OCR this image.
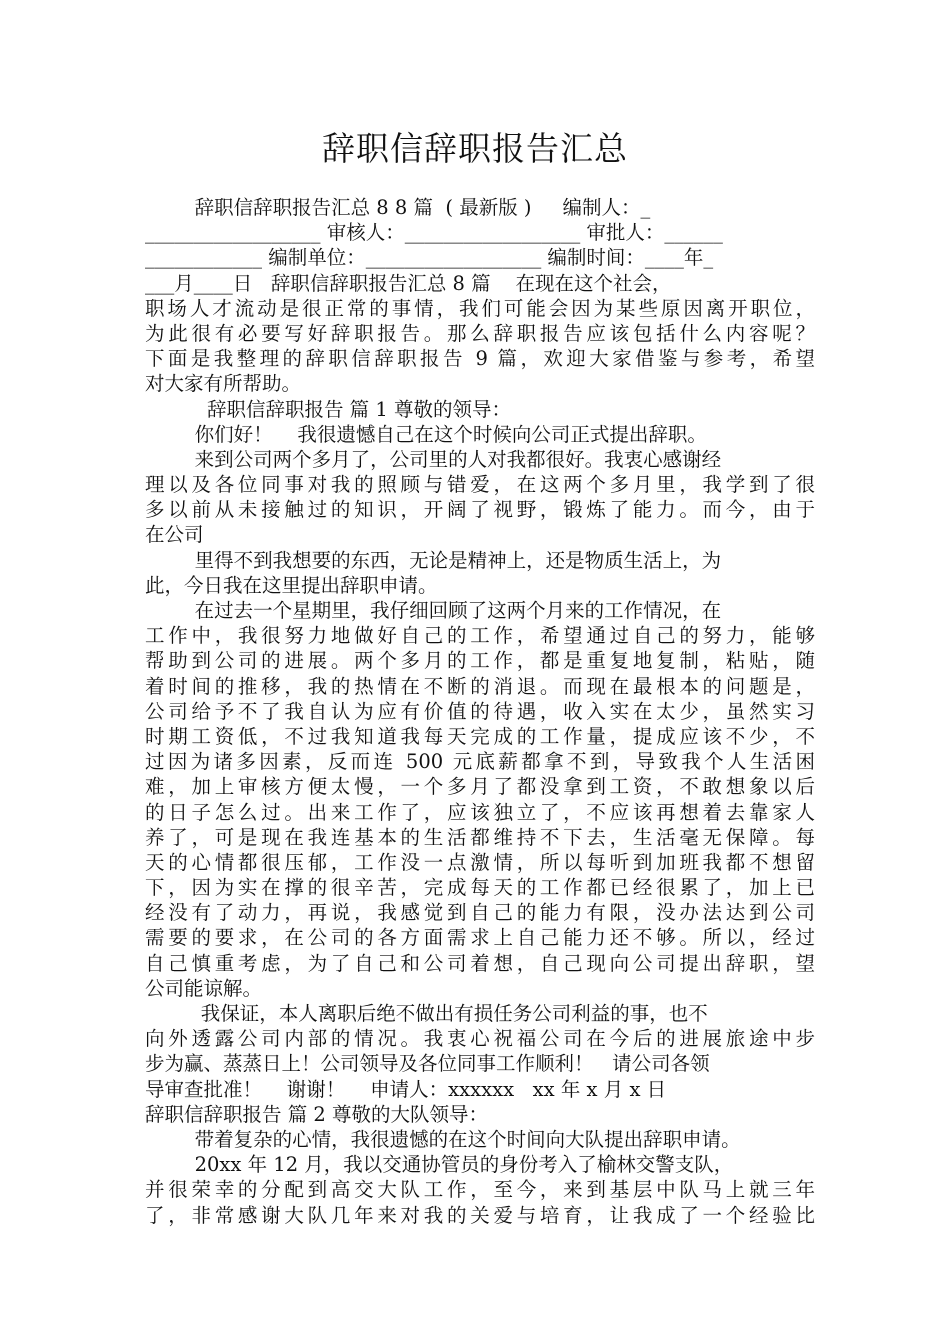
辞职信辞职报告汇总
辞职信辞职报告汇总 8 8 篇  ( 最新版 )     编制人：_
__________________ 审核人：__________________ 审批人：______
____________ 编制单位：__________________ 编制时间：____年_
___月____日   辞职信辞职报告汇总 8 篇    在现在这个社会，
职场人才流动是很正常的事情，我们可能会因为某些原因离开职位，
为此很有必要写好辞职报告。那么辞职报告应该包括什么内容呢？
下面是我整理的辞职信辞职报告 9 篇，欢迎大家借鉴与参考，希望
对大家有所帮助。
辞职信辞职报告 篇 1 尊敬的领导：
你们好！    我很遗憾自己在这个时候向公司正式提出辞职。
来到公司两个多月了，公司里的人对我都很好。我衷心感谢经
理以及各位同事对我的照顾与错爱，在这两个多月里，我学到了很
多以前从未接触过的知识，开阔了视野，锻炼了能力。而今，由于
在公司
里得不到我想要的东西，无论是精神上，还是物质生活上，为
此，今日我在这里提出辞职申请。
在过去一个星期里，我仔细回顾了这两个月来的工作情况，在
工作中，我很努力地做好自己的工作，希望通过自己的努力，能够
帮助到公司的进展。两个多月的工作，都是重复地复制，粘贴，随
着时间的推移，我的热情在不断的消退。而现在最根本的问题是，
公司给予不了我自认为应有价值的待遇，收入实在太少，虽然实习
时期工资低，不过我知道我每天完成的工作量，提成应该不少，不
过因为诸多因素，反而连 500 元底薪都拿不到，导致我个人生活困
难，加上审核方便太慢，一个多月了都没拿到工资，不敢想象以后
的日子怎么过。出来工作了，应该独立了，不应该再想着去靠家人
养了，可是现在我连基本的生活都维持不下去，生活毫无保障。每
天的心情都很压郁，工作没一点激情，所以每听到加班我都不想留
下，因为实在撑的很辛苦，完成每天的工作都已经很累了，加上已
经没有了动力，再说，我感觉到自己的能力有限，没办法达到公司
需要的要求，在公司的各方面需求上自己能力还不够。所以，经过
自己慎重考虑，为了自己和公司着想，自己现向公司提出辞职，望
公司能谅解。
我保证，本人离职后绝不做出有损任务公司利益的事，也不
向外透露公司内部的情况。我衷心祝福公司在今后的进展旅途中步
步为赢、蒸蒸日上！公司领导及各位同事工作顺利！   请公司各领
导审查批准！    谢谢！    申请人：xxxxxx   xx 年 x 月 x 日
辞职信辞职报告 篇 2 尊敬的大队领导：
带着复杂的心情，我很遗憾的在这个时间向大队提出辞职申请。
20xx 年 12 月，我以交通协管员的身份考入了榆林交警支队，
并很荣幸的分配到高交大队工作，至今，来到基层中队马上就三年
了，非常感谢大队几年来对我的关爱与培育，让我成了一个经验比
